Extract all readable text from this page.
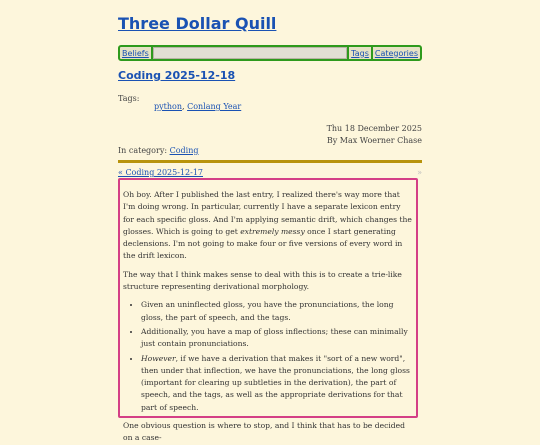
Three Dollar Quill
Beliefs	Tags Categories
Coding 2025-12-18
Tags:
python, Conlang Year
Thu 18 December 2025
By Max Woerner Chase
In category: Coding
« Coding 2025-12-17	»

Oh boy. After I published the last entry, I realized there's way more that I'm doing wrong. In particular, currently I have a separate lexicon entry for each specific gloss. And I'm applying semantic drift, which changes the glosses. Which is going to get extremely messy once I start generating declensions. I'm not going to make four or five versions of every word in the drift lexicon.

The way that I think makes sense to deal with this is to create a trie-like structure representing derivational morphology.

• Given an uninflected gloss, you have the pronunciations, the long gloss, the part of speech, and the tags.
• Additionally, you have a map of gloss inflections; these can minimally just contain pronunciations.
• However, if we have a derivation that makes it "sort of a new word", then under that inflection, we have the pronunciations, the long gloss (important for clearing up subtleties in the derivation), the part of speech, and the tags, as well as the appropriate derivations for that part of speech.

One obvious question is where to stop, and I think that has to be decided on a case-
